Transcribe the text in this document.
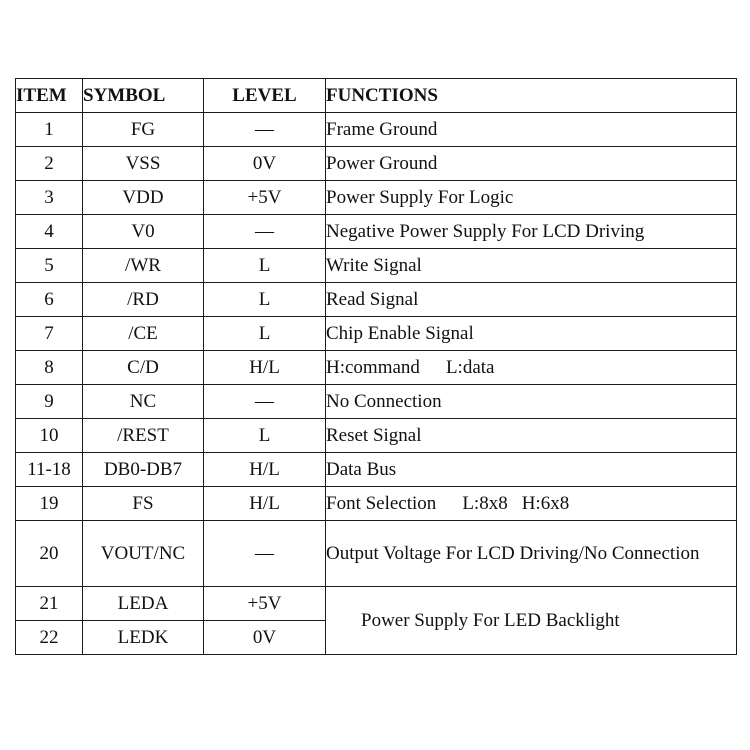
ITEM	SYMBOL	LEVEL	FUNCTIONS
1	FG	—	Frame Ground
2	VSS	0V	Power Ground
3	VDD	+5V	Power Supply For Logic
4	V0	—	Negative Power Supply For LCD Driving
5	/WR	L	Write Signal
6	/RD	L	Read Signal
7	/CE	L	Chip Enable Signal
8	C/D	H/L	H:command L:data
9	NC	—	No Connection
10	/REST	L	Reset Signal
11-18	DB0-DB7	H/L	Data Bus
19	FS	H/L	Font Selection L:8x8 H:6x8
20	VOUT/NC	—	Output Voltage For LCD Driving/No Connection
21	LEDA	+5V	Power Supply For LED Backlight
22	LEDK	0V	
